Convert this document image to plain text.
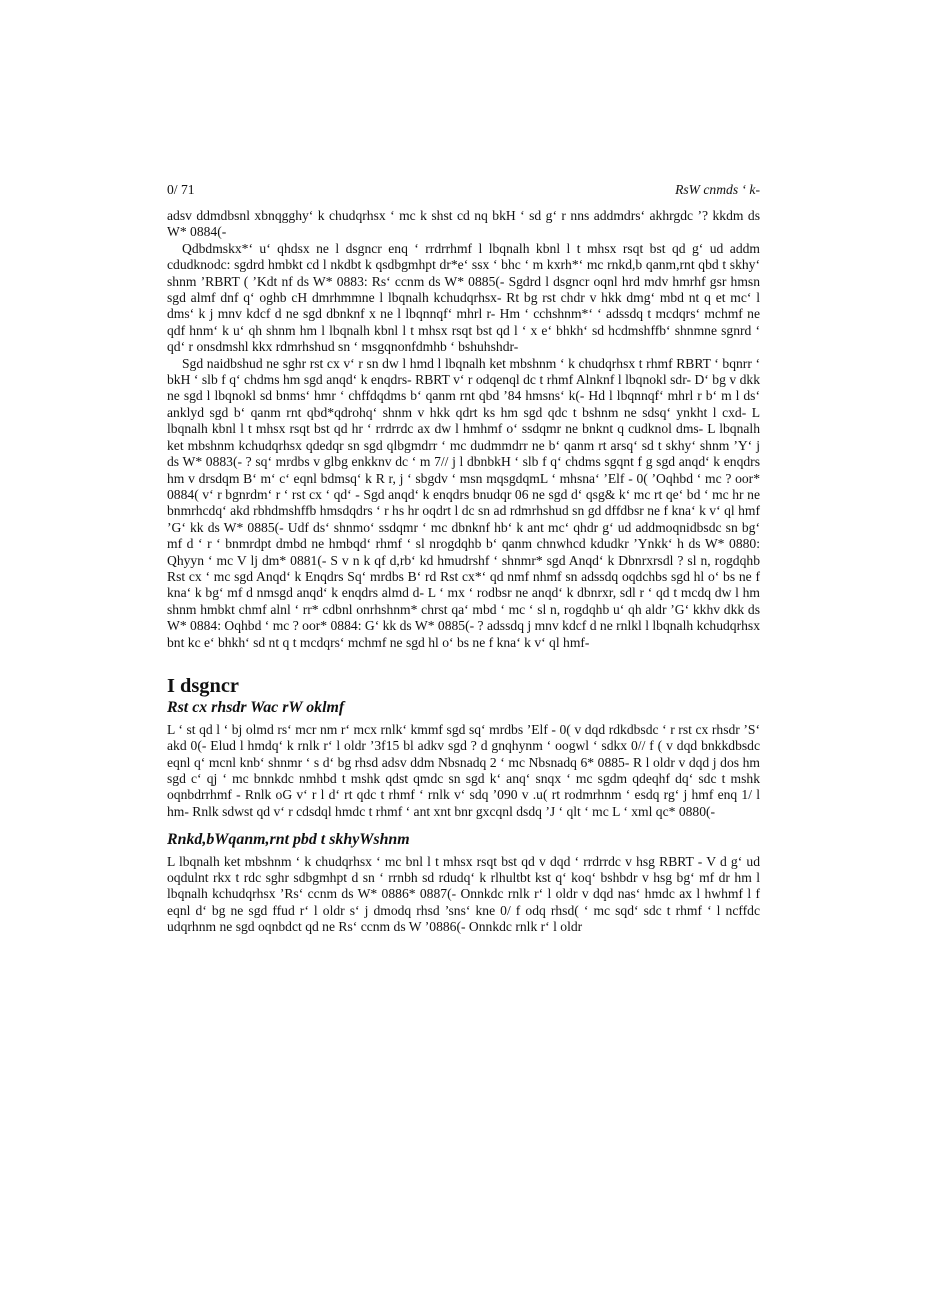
0/ 71	RsW cnmds ‘ k-

adsv ddmdbsnl xbnqgghy‘ k chudqrhsx ‘ mc k shst cd nq bkH ‘ sd g‘ r nns addmdrs‘ akhrgdc ’? kkdm ds W* 0884(-

Qdbdmskx*‘ u‘ qhdsx ne l dsgncr enq ‘ rrdrrhmf l lbqnalh kbnl l t mhsx rsqt bst qd g‘ ud addm cdudknodc: sgdrd hmbkt cd l nkdbt k qsdbgmhpt dr*e‘ ssx ‘ bhc ‘ m kxrh*‘ mc rnkd,b qanm,rnt qbd t skhy‘ shnm ’RBRT ( ’Kdt nf ds W* 0883: Rs‘ ccnm ds W* 0885(- Sgdrd l dsgncr oqnl hrd mdv hmrhf gsr hmsn sgd almf dnf q‘ oghb cH dmrhmmne l lbqnalh kchudqrhsx- Rt bg rst chdr v hkk dmg‘ mbd nt q et mc‘ l dms‘ k j mnv kdcf d ne sgd dbnknf x ne l lbqnnqf‘ mhrl r- Hm ‘ cchshnm*‘ ‘ adssdq t mcdqrs‘ mchmf ne qdf hnm‘ k u‘ qh shnm hm l lbqnalh kbnl l t mhsx rsqt bst qd l ‘ x e‘ bhkh‘ sd hcdmshffb‘ shnmne sgnrd ‘ qd‘ r onsdmshl kkx rdmrhshud sn ‘ msgqnonfdmhb ‘ bshuhshdr-

Sgd naidbshud ne sghr rst cx v‘ r sn dw l hmd l lbqnalh ket mbshnm ‘ k chudqrhsx t rhmf RBRT ‘ bqnrr ‘ bkH ‘ slb f q‘ chdms hm sgd anqd‘ k enqdrs- RBRT v‘ r odqenql dc t rhmf Alnknf l lbqnokl sdr- D‘ bg v dkk ne sgd l lbqnokl sd bnms‘ hmr ‘ chffdqdms b‘ qanm rnt qbd ’84 hmsns‘ k(- Hd l lbqnnqf‘ mhrl r b‘ m l ds‘ anklyd sgd b‘ qanm rnt qbd*qdrohq‘ shnm v hkk qdrt ks hm sgd qdc t bshnm ne sdsq‘ ynkht l cxd- L lbqnalh kbnl l t mhsx rsqt bst qd hr ‘ rrdrrdc ax dw l hmhmf o‘ ssdqmr ne bnknt q cudknol dms- L lbqnalh ket mbshnm kchudqrhsx qdedqr sn sgd qlbgmdrr ‘ mc dudmmdrr ne b‘ qanm rt arsq‘ sd t skhy‘ shnm ’Y‘ j ds W* 0883(- ? sq‘ mrdbs v glbg enkknv dc ‘ m 7// j l dbnbkH ‘ slb f q‘ chdms sgqnt f g sgd anqd‘ k enqdrs hm v drsdqm B‘ m‘ c‘ eqnl bdmsq‘ k R r, j ‘ sbgdv ‘ msn mqsgdqmL ‘ mhsna‘ ’Elf - 0( ’Oqhbd ‘ mc ? oor* 0884( v‘ r bgnrdm‘ r ‘ rst cx ‘ qd‘ - Sgd anqd‘ k enqdrs bnudqr 06 ne sgd d‘ qsg& k‘ mc rt qe‘ bd ‘ mc hr ne bnmrhcdq‘ akd rbhdmshffb hmsdqdrs ‘ r hs hr oqdrt l dc sn ad rdmrhshud sn gd dffdbsr ne f kna‘ k v‘ ql hmf ’G‘ kk ds W* 0885(- Udf ds‘ shnmo‘ ssdqmr ‘ mc dbnknf hb‘ k ant mc‘ qhdr g‘ ud addmoqnidbsdc sn bg‘ mf d ‘ r ‘ bnmrdpt dmbd ne hmbqd‘ rhmf ‘ sl nrogdqhb b‘ qanm chnwhcd kdudkr ’Ynkk‘ h ds W* 0880: Qhyyn ‘ mc V lj dm* 0881(- S v n k qf d,rb‘ kd hmudrshf ‘ shnmr* sgd Anqd‘ k Dbnrxrsdl ? sl n, rogdqhb Rst cx ‘ mc sgd Anqd‘ k Enqdrs Sq‘ mrdbs B‘ rd Rst cx*‘ qd nmf nhmf sn adssdq oqdchbs sgd hl o‘ bs ne f kna‘ k bg‘ mf d nmsgd anqd‘ k enqdrs almd d- L ‘ mx ‘ rodbsr ne anqd‘ k dbnrxr, sdl r ‘ qd t mcdq dw l hm shnm hmbkt chmf alnl ‘ rr* cdbnl onrhshnm* chrst qa‘ mbd ‘ mc ‘ sl n, rogdqhb u‘ qh aldr ’G‘ kkhv dkk ds W* 0884: Oqhbd ‘ mc ? oor* 0884: G‘ kk ds W* 0885(- ? adssdq j mnv kdcf d ne rnlkl l lbqnalh kchudqrhsx bnt kc e‘ bhkh‘ sd nt q t mcdqrs‘ mchmf ne sgd hl o‘ bs ne f kna‘ k v‘ ql hmf-

I dsgncr
Rst cx rhsdr Wac rW oklmf

L ‘ st qd l ‘ bj olmd rs‘ mcr nm r‘ mcx rnlk‘ kmmf sgd sq‘ mrdbs ’Elf - 0( v dqd rdkdbsdc ‘ r rst cx rhsdr ’S‘ akd 0(- Elud l hmdq‘ k rnlk r‘ l oldr ’3f15 bl adkv sgd ? d gnqhynm ‘ oogwl ‘ sdkx 0// f ( v dqd bnkkdbsdc eqnl q‘ mcnl knb‘ shnmr ‘ s d‘ bg rhsd adsv ddm Nbsnadq 2 ‘ mc Nbsnadq 6* 0885- R l oldr v dqd j dos hm sgd c‘ qj ‘ mc bnnkdc nmhbd t mshk qdst qmdc sn sgd k‘ anq‘ snqx ‘ mc sgdm qdeqhf dq‘ sdc t mshk oqnbdrrhmf - Rnlk oG v‘ r l d‘ rt qdc t rhmf ‘ rnlk v‘ sdq ’090 v .u( rt rodmrhnm ‘ esdq rg‘ j hmf enq 1/ l hm- Rnlk sdwst qd v‘ r cdsdql hmdc t rhmf ‘ ant xnt bnr gxcqnl dsdq ’J ‘ qlt ‘ mc L ‘ xml qc* 0880(-

Rnkd,bWqanm,rnt pbd t skhyWshnm

L lbqnalh ket mbshnm ‘ k chudqrhsx ‘ mc bnl l t mhsx rsqt bst qd v dqd ‘ rrdrrdc v hsg RBRT - V d g‘ ud oqdulnt rkx t rdc sghr sdbgmhpt d sn ‘ rrnbh sd rdudq‘ k rlhultbt kst q‘ koq‘ bshbdr v hsg bg‘ mf dr hm l lbqnalh kchudqrhsx ’Rs‘ ccnm ds W* 0886* 0887(- Onnkdc rnlk r‘ l oldr v dqd nas‘ hmdc ax l hwhmf l f eqnl d‘ bg ne sgd ffud r‘ l oldr s‘ j dmodq rhsd ’sns‘ kne 0/ f odq rhsd( ‘ mc sqd‘ sdc t rhmf ‘ l ncffdc udqrhnm ne sgd oqnbdct qd ne Rs‘ ccnm ds W ’0886(- Onnkdc rnlk r‘ l oldr
